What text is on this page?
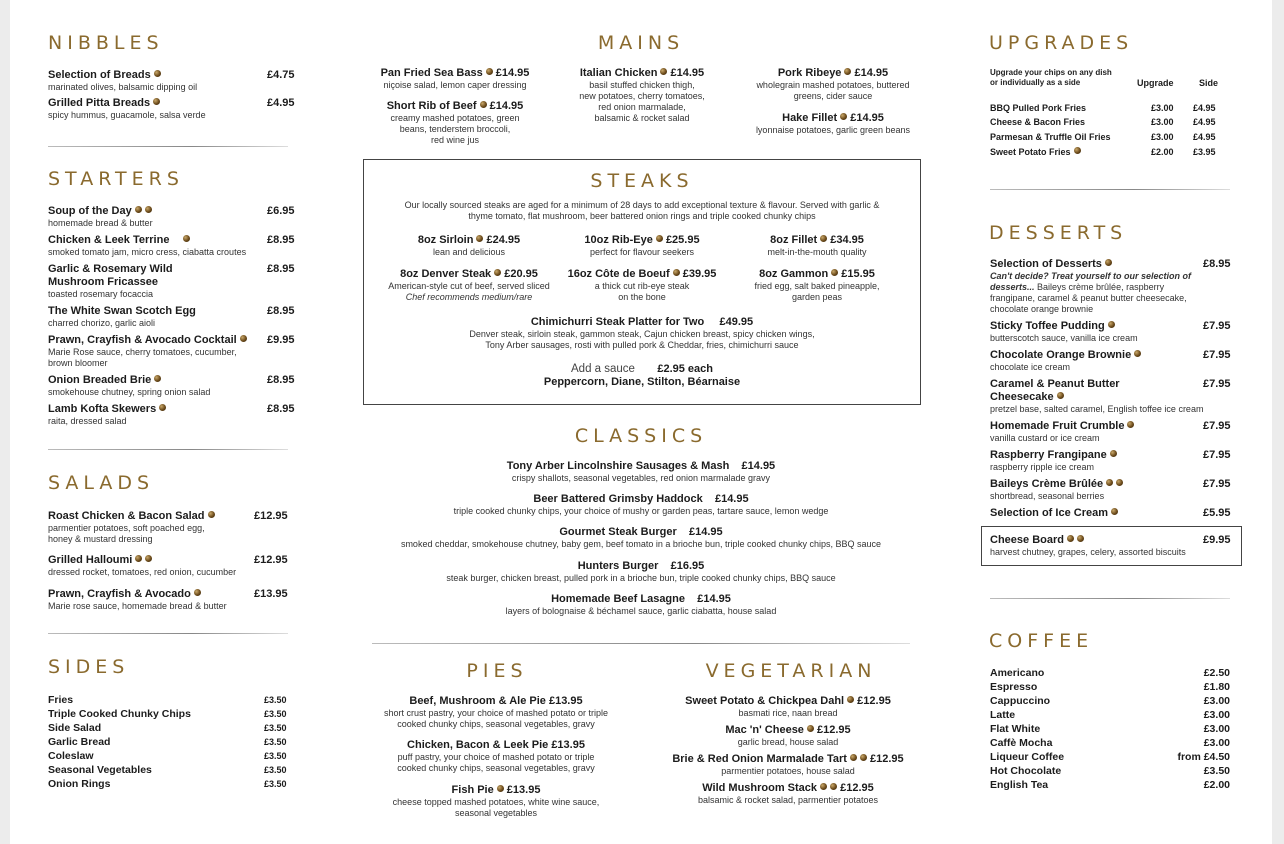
NIBBLES
Selection of Breads
marinated olives, balsamic dipping oil
£4.75
Grilled Pitta Breads
spicy hummus, guacamole, salsa verde
£4.95
STARTERS
Soup of the Day
homemade bread & butter
£6.95
Chicken & Leek Terrine
smoked tomato jam, micro cress, ciabatta croutes
£8.95
Garlic & Rosemary Wild
Mushroom Fricassee
toasted rosemary focaccia
£8.95
The White Swan Scotch Egg
charred chorizo, garlic aioli
£8.95
Prawn, Crayfish & Avocado Cocktail
Marie Rose sauce, cherry tomatoes, cucumber,
brown bloomer
£9.95
Onion Breaded Brie
smokehouse chutney, spring onion salad
£8.95
Lamb Kofta Skewers
raita, dressed salad
£8.95
SALADS
Roast Chicken & Bacon Salad
parmentier potatoes, soft poached egg,
honey & mustard dressing
£12.95
Grilled Halloumi
dressed rocket, tomatoes, red onion, cucumber
£12.95
Prawn, Crayfish & Avocado
Marie rose sauce, homemade bread & butter
£13.95
SIDES
Fries	£3.50
Triple Cooked Chunky Chips	£3.50
Side Salad	£3.50
Garlic Bread	£3.50
Coleslaw	£3.50
Seasonal Vegetables	£3.50
Onion Rings	£3.50
MAINS
Pan Fried Sea Bass £14.95
niçoise salad, lemon caper dressing
Short Rib of Beef £14.95
creamy mashed potatoes, green
beans, tenderstem broccoli,
red wine jus
Italian Chicken £14.95
basil stuffed chicken thigh,
new potatoes, cherry tomatoes,
red onion marmalade,
balsamic & rocket salad
Pork Ribeye £14.95
wholegrain mashed potatoes, buttered
greens, cider sauce
Hake Fillet £14.95
lyonnaise potatoes, garlic green beans
STEAKS
Our locally sourced steaks are aged for a minimum of 28 days to add exceptional texture & flavour. Served with garlic &
thyme tomato, flat mushroom, beer battered onion rings and triple cooked chunky chips
8oz Sirloin £24.95
lean and delicious
10oz Rib-Eye £25.95
perfect for flavour seekers
8oz Fillet £34.95
melt-in-the-mouth quality
8oz Denver Steak £20.95
American-style cut of beef, served sliced
Chef recommends medium/rare
16oz Côte de Boeuf £39.95
a thick cut rib-eye steak
on the bone
8oz Gammon £15.95
fried egg, salt baked pineapple,
garden peas
Chimichurri Steak Platter for Two £49.95
Denver steak, sirloin steak, gammon steak, Cajun chicken breast, spicy chicken wings,
Tony Arber sausages, rosti with pulled pork & Cheddar, fries, chimichurri sauce
Add a sauce £2.95 each
Peppercorn, Diane, Stilton, Béarnaise
CLASSICS
Tony Arber Lincolnshire Sausages & Mash £14.95
crispy shallots, seasonal vegetables, red onion marmalade gravy
Beer Battered Grimsby Haddock £14.95
triple cooked chunky chips, your choice of mushy or garden peas, tartare sauce, lemon wedge
Gourmet Steak Burger £14.95
smoked cheddar, smokehouse chutney, baby gem, beef tomato in a brioche bun, triple cooked chunky chips, BBQ sauce
Hunters Burger £16.95
steak burger, chicken breast, pulled pork in a brioche bun, triple cooked chunky chips, BBQ sauce
Homemade Beef Lasagne £14.95
layers of bolognaise & béchamel sauce, garlic ciabatta, house salad
PIES
Beef, Mushroom & Ale Pie £13.95
short crust pastry, your choice of mashed potato or triple
cooked chunky chips, seasonal vegetables, gravy
Chicken, Bacon & Leek Pie £13.95
puff pastry, your choice of mashed potato or triple
cooked chunky chips, seasonal vegetables, gravy
Fish Pie £13.95
cheese topped mashed potatoes, white wine sauce,
seasonal vegetables
VEGETARIAN
Sweet Potato & Chickpea Dahl £12.95
basmati rice, naan bread
Mac 'n' Cheese £12.95
garlic bread, house salad
Brie & Red Onion Marmalade Tart £12.95
parmentier potatoes, house salad
Wild Mushroom Stack £12.95
balsamic & rocket salad, parmentier potatoes
UPGRADES
Upgrade your chips on any dish
or individually as a side	Upgrade	Side
BBQ Pulled Pork Fries	£3.00 £4.95
Cheese & Bacon Fries	£3.00 £4.95
Parmesan & Truffle Oil Fries	£3.00 £4.95
Sweet Potato Fries	£2.00 £3.95
DESSERTS
Selection of Desserts
Can't decide? Treat yourself to our selection of
desserts... Baileys crème brûlée, raspberry
frangipane, caramel & peanut butter cheesecake,
chocolate orange brownie
£8.95
Sticky Toffee Pudding
butterscotch sauce, vanilla ice cream
£7.95
Chocolate Orange Brownie
chocolate ice cream
£7.95
Caramel & Peanut Butter
Cheesecake
pretzel base, salted caramel, English toffee ice cream
£7.95
Homemade Fruit Crumble
vanilla custard or ice cream
£7.95
Raspberry Frangipane
raspberry ripple ice cream
£7.95
Baileys Crème Brûlée
shortbread, seasonal berries
£7.95
Selection of Ice Cream	£5.95
Cheese Board
harvest chutney, grapes, celery, assorted biscuits
£9.95
COFFEE
Americano	£2.50
Espresso	£1.80
Cappuccino	£3.00
Latte	£3.00
Flat White	£3.00
Caffè Mocha	£3.00
Liqueur Coffee	from £4.50
Hot Chocolate	£3.50
English Tea	£2.00
